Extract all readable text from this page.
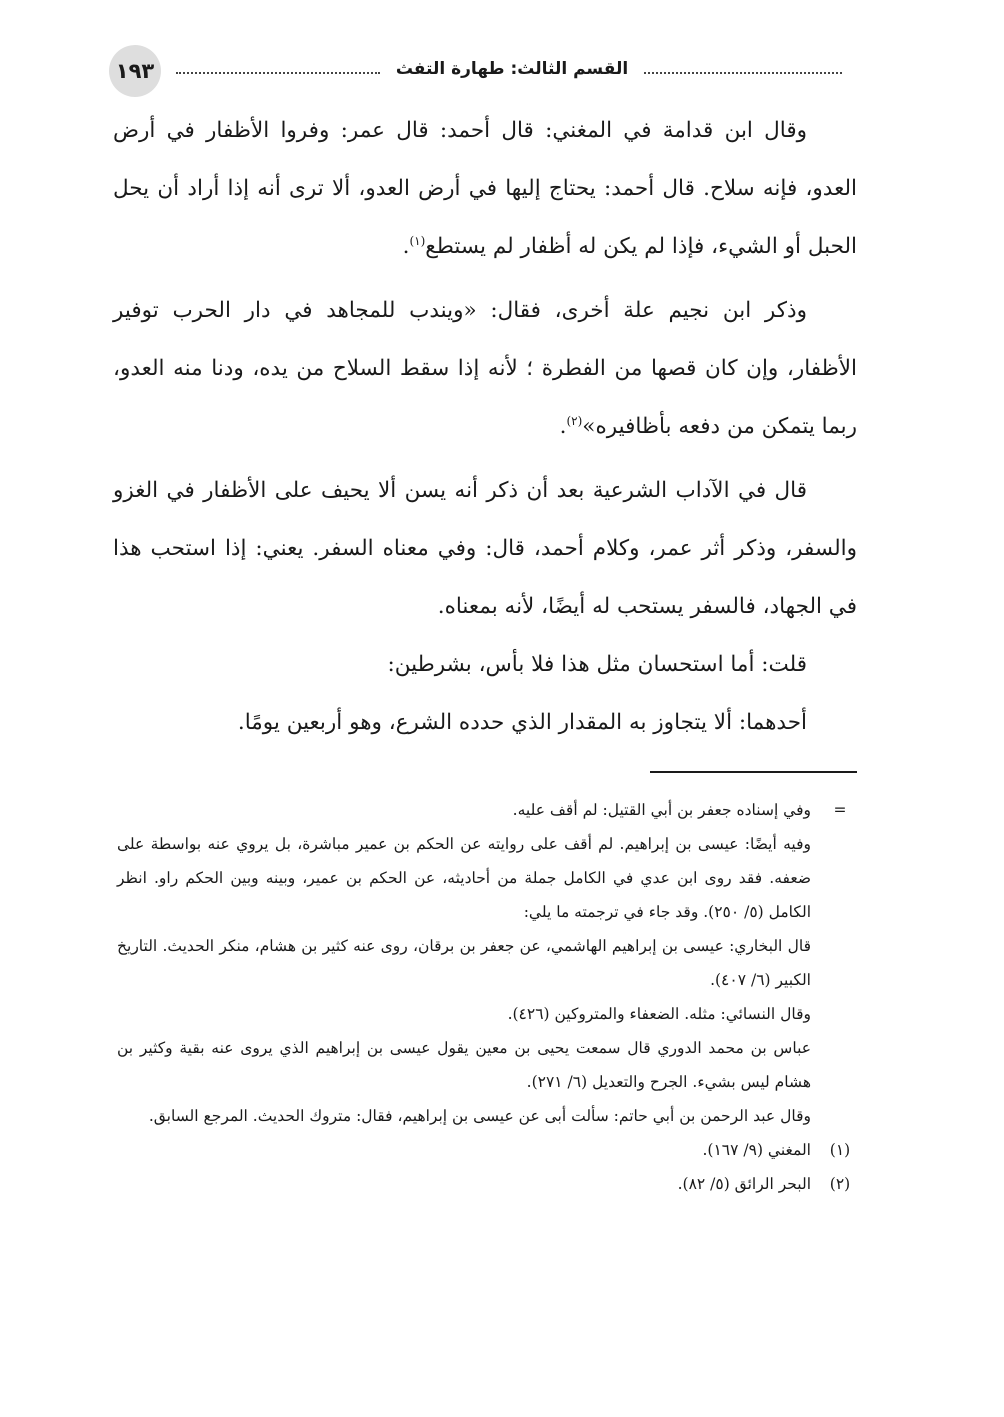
١٩٣	القسم الثالث: طهارة التفث

وقال ابن قدامة في المغني: قال أحمد: قال عمر: وفروا الأظفار في أرض العدو، فإنه سلاح. قال أحمد: يحتاج إليها في أرض العدو، ألا ترى أنه إذا أراد أن يحل الحبل أو الشيء، فإذا لم يكن له أظفار لم يستطع$^{(١)}$.

وذكر ابن نجيم علة أخرى، فقال: «ويندب للمجاهد في دار الحرب توفير الأظفار، وإن كان قصها من الفطرة ؛ لأنه إذا سقط السلاح من يده، ودنا منه العدو، ربما يتمكن من دفعه بأظافيره»$^{(٢)}$.

قال في الآداب الشرعية بعد أن ذكر أنه يسن ألا يحيف على الأظفار في الغزو والسفر، وذكر أثر عمر، وكلام أحمد، قال: وفي معناه السفر. يعني: إذا استحب هذا في الجهاد، فالسفر يستحب له أيضًا، لأنه بمعناه.

قلت: أما استحسان مثل هذا فلا بأس، بشرطين:

أحدهما: ألا يتجاوز به المقدار الذي حدده الشرع، وهو أربعين يومًا.

=
وفي إسناده جعفر بن أبي القتيل: لم أقف عليه.
وفيه أيضًا: عيسى بن إبراهيم. لم أقف على روايته عن الحكم بن عمير مباشرة، بل يروي عنه بواسطة على ضعفه. فقد روى ابن عدي في الكامل جملة من أحاديثه، عن الحكم بن عمير، وبينه وبين الحكم راو. انظر الكامل (٥/ ٢٥٠). وقد جاء في ترجمته ما يلي:
قال البخاري: عيسى بن إبراهيم الهاشمي، عن جعفر بن برقان، روى عنه كثير بن هشام، منكر الحديث. التاريخ الكبير (٦/ ٤٠٧).
وقال النسائي: مثله. الضعفاء والمتروكين (٤٢٦).
عباس بن محمد الدوري قال سمعت يحيى بن معين يقول عيسى بن إبراهيم الذي يروى عنه بقية وكثير بن هشام ليس بشيء. الجرح والتعديل (٦/ ٢٧١).
وقال عبد الرحمن بن أبي حاتم: سألت أبى عن عيسى بن إبراهيم، فقال: متروك الحديث. المرجع السابق.
(١)
المغني (٩/ ١٦٧).
(٢)
البحر الرائق (٥/ ٨٢).
